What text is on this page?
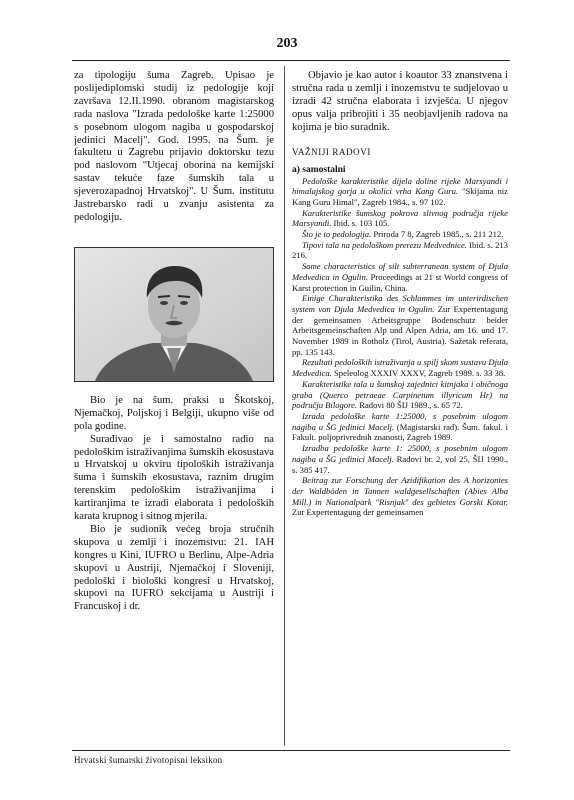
203

za tipologiju šuma Zagreb. Upisao je poslijediplomski studij iz pedologije koji završava 12.II.1990. obranom magistarskog rada naslova "Izrada pedološke karte 1:25000 s posebnom ulogom nagiba u gospodarskoj jedinici Macelj". God. 1995. na Šum. je fakultetu u Zagrebu prijavio doktorsku tezu pod naslovom "Utjecaj oborina na kemijski sastav tekuće faze šumskih tala u sjeverozapadnoj Hrvatskoj". U Šum. institutu Jastrebarsko radi u zvanju asistenta za pedologiju.

Bio je na šum. praksi u Škotskoj, Njemačkoj, Poljskoj i Belgiji, ukupno više od pola godine.

Surađivao je i samostalno radio na pedološkim istraživanjima šumskih ekosustava u Hrvatskoj u okviru tipoloških istraživanja šuma i šumskih ekosustava, raznim drugim terenskim pedološkim istraživanjima i kartiranjima te izradi elaborata i pedoloških karata krupnog i sitnog mjerila.

Bio je sudionik većeg broja stručnih skupova u zemlji i inozemstvu: 21. IAH kongres u Kini, IUFRO u Berlinu, Alpe-Adria skupovi u Austriji, Njemačkoj i Sloveniji, pedološki i biološki kongresi u Hrvatskoj, skupovi na IUFRO sekcijama u Austriji i Francuskoj i dr.

Objavio je kao autor i koautor 33 znanstvena i stručna rada u zemlji i inozemstvu te sudjelovao u izradi 42 stručna elaborata i izvješća. U njegov opus valja pribrojiti i 35 neobjavljenih radova na kojima je bio suradnik.

VAŽNIJI RADOVI
a) samostalni

Pedološke karakteristike dijela doline rijeke Marsyandi i himalajskog gorja u okolici vrha Kang Guru. "Skijama niz Kang Guru Himal", Zagreb 1984., s. 97 102.

Karakteristike šumskog pokrova slivnog područja rijeke Marsyandi. Ibid. s. 103 105.

Što je to pedologija. Priroda 7 8, Zagreb 1985., s. 211 212.

Tipovi tala na pedološkom prerezu Medvednice. Ibid. s. 213 216.

Some characteristics of silt subterranean system of Djula Medvedica in Ogulin. Proceedings at 21 st World congress of Karst protection in Guilin, China.

Einige Charakteristika des Schlammes im unterirdischen system von Djula Medvedica in Ogulin. Zur Expertentagung der gemeinsamen Arbeitsgruppe Bodenschutz beider Arbeitsgemeinschaften Alp und Alpen Adria, am 16. und 17. November 1989 in Rotholz (Tirol, Austria). Sažetak referata, pp. 135 143.

Rezultati pedoloških istraživanja u spilj skom sustavu Djula Medvedica. Speleolog XXXIV XXXV, Zagreb 1989. s. 33 38.

Karakteristike tala u šumskoj zajednici kitnjaka i običnoga graba (Querco petraeae Carpinetum illyricum Hr) na području Bilogore. Radovi 80 ŠIJ 1989., s. 65 72.

Izrada pedološke karte 1:25000, s posebnim ulogom nagiba u ŠG jedinici Macelj. (Magistarski rad). Šum. fakul. i Fakult. poljoprivrednih znanosti, Zagreb 1989.

Izradba pedološke karte 1: 25000, s posebnim ulogom nagiba u ŠG jedinici Macelj. Radovi br. 2, vol 25, ŠIJ 1990., s. 385 417.

Beitrag zur Forschung der Azidifikation des A horizontes der Waldböden in Tannen waldgesellschaften (Abies Alba Mill.) in Nationalpark "Risnjak" des gebietes Gorski Kotar. Zur Expertentagung der gemeinsamen

Hrvatski šumarski životopisni leksikon
